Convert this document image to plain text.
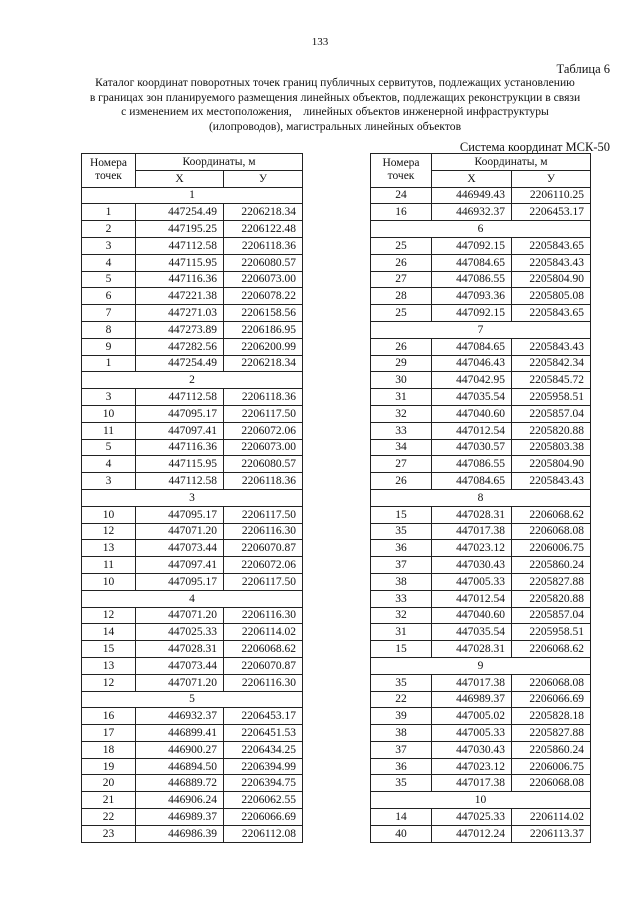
133
Таблица 6
Каталог координат поворотных точек границ публичных сервитутов, подлежащих установлению
в границах зон планируемого размещения линейных объектов, подлежащих реконструкции в связи
с изменением их местоположения,    линейных объектов инженерной инфраструктуры
(илопроводов), магистральных линейных объектов
Система координат МСК-50
Номера точек	Координаты, м	
	X	У
1		
1	447254.49	2206218.34
2	447195.25	2206122.48
3	447112.58	2206118.36
4	447115.95	2206080.57
5	447116.36	2206073.00
6	447221.38	2206078.22
7	447271.03	2206158.56
8	447273.89	2206186.95
9	447282.56	2206200.99
1	447254.49	2206218.34
2		
3	447112.58	2206118.36
10	447095.17	2206117.50
11	447097.41	2206072.06
5	447116.36	2206073.00
4	447115.95	2206080.57
3	447112.58	2206118.36
3		
10	447095.17	2206117.50
12	447071.20	2206116.30
13	447073.44	2206070.87
11	447097.41	2206072.06
10	447095.17	2206117.50
4		
12	447071.20	2206116.30
14	447025.33	2206114.02
15	447028.31	2206068.62
13	447073.44	2206070.87
12	447071.20	2206116.30
5		
16	446932.37	2206453.17
17	446899.41	2206451.53
18	446900.27	2206434.25
19	446894.50	2206394.99
20	446889.72	2206394.75
21	446906.24	2206062.55
22	446989.37	2206066.69
23	446986.39	2206112.08
Номера точек	Координаты, м	
	X	У
24	446949.43	2206110.25
16	446932.37	2206453.17
6		
25	447092.15	2205843.65
26	447084.65	2205843.43
27	447086.55	2205804.90
28	447093.36	2205805.08
25	447092.15	2205843.65
7		
26	447084.65	2205843.43
29	447046.43	2205842.34
30	447042.95	2205845.72
31	447035.54	2205958.51
32	447040.60	2205857.04
33	447012.54	2205820.88
34	447030.57	2205803.38
27	447086.55	2205804.90
26	447084.65	2205843.43
8		
15	447028.31	2206068.62
35	447017.38	2206068.08
36	447023.12	2206006.75
37	447030.43	2205860.24
38	447005.33	2205827.88
33	447012.54	2205820.88
32	447040.60	2205857.04
31	447035.54	2205958.51
15	447028.31	2206068.62
9		
35	447017.38	2206068.08
22	446989.37	2206066.69
39	447005.02	2205828.18
38	447005.33	2205827.88
37	447030.43	2205860.24
36	447023.12	2206006.75
35	447017.38	2206068.08
10		
14	447025.33	2206114.02
40	447012.24	2206113.37
